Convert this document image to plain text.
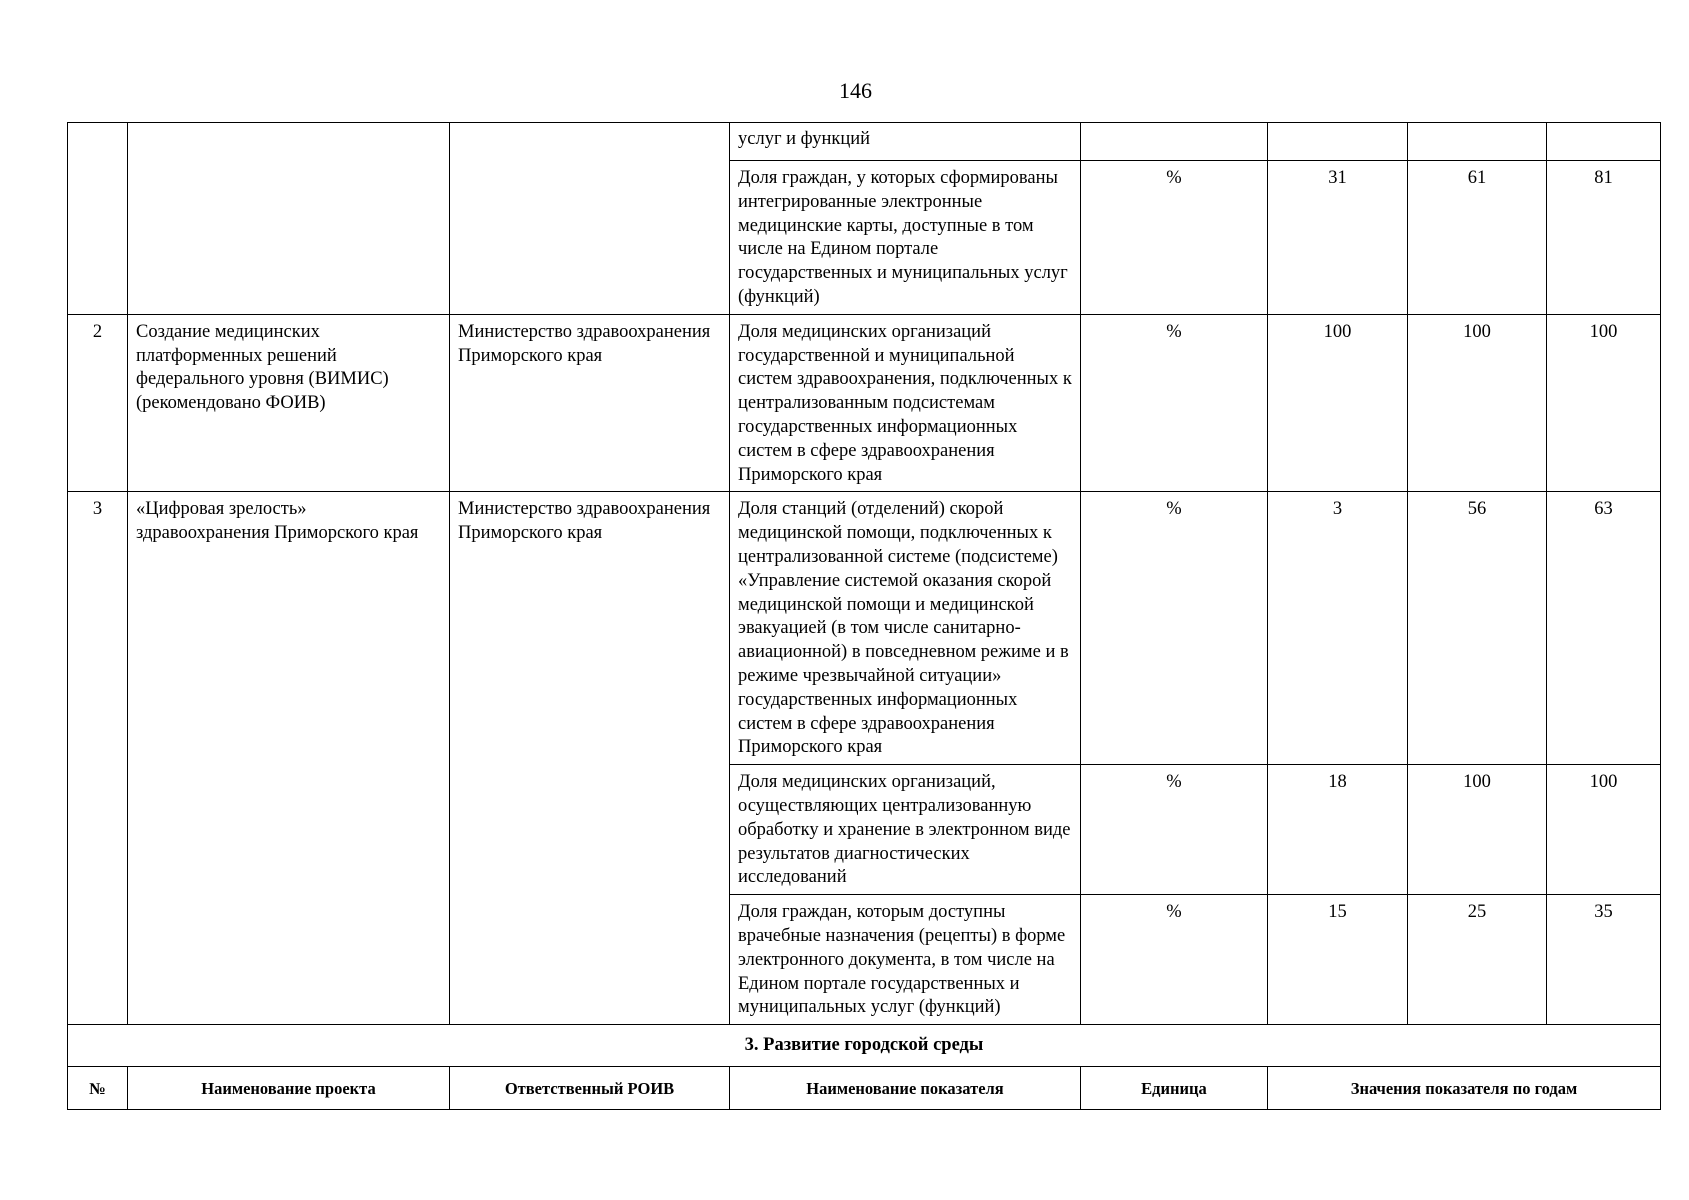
146
			услуг и функций				
			Доля граждан, у которых сформированы интегрированные электронные медицинские карты, доступные в том числе на Едином портале государственных и муниципальных услуг (функций)	%	31	61	81
2	Создание медицинских платформенных решений федерального уровня (ВИМИС) (рекомендовано ФОИВ)	Министерство здравоохранения Приморского края	Доля медицинских организаций государственной и муниципальной систем здравоохранения, подключенных к централизованным подсистемам государственных информационных систем в сфере здравоохранения Приморского края	%	100	100	100
3	«Цифровая зрелость» здравоохранения Приморского края	Министерство здравоохранения Приморского края	Доля станций (отделений) скорой медицинской помощи, подключенных к централизованной системе (подсистеме) «Управление системой оказания скорой медицинской помощи и медицинской эвакуацией (в том числе санитарно-авиационной) в повседневном режиме и в режиме чрезвычайной ситуации» государственных информационных систем в сфере здравоохранения Приморского края	%	3	56	63
			Доля медицинских организаций, осуществляющих централизованную обработку и хранение в электронном виде результатов диагностических исследований	%	18	100	100
			Доля граждан, которым доступны врачебные назначения (рецепты) в форме электронного документа, в том числе на Едином портале государственных и муниципальных услуг (функций)	%	15	25	35
3. Развитие городской среды							
№	Наименование проекта	Ответственный РОИВ	Наименование показателя	Единица	Значения показателя по годам		
